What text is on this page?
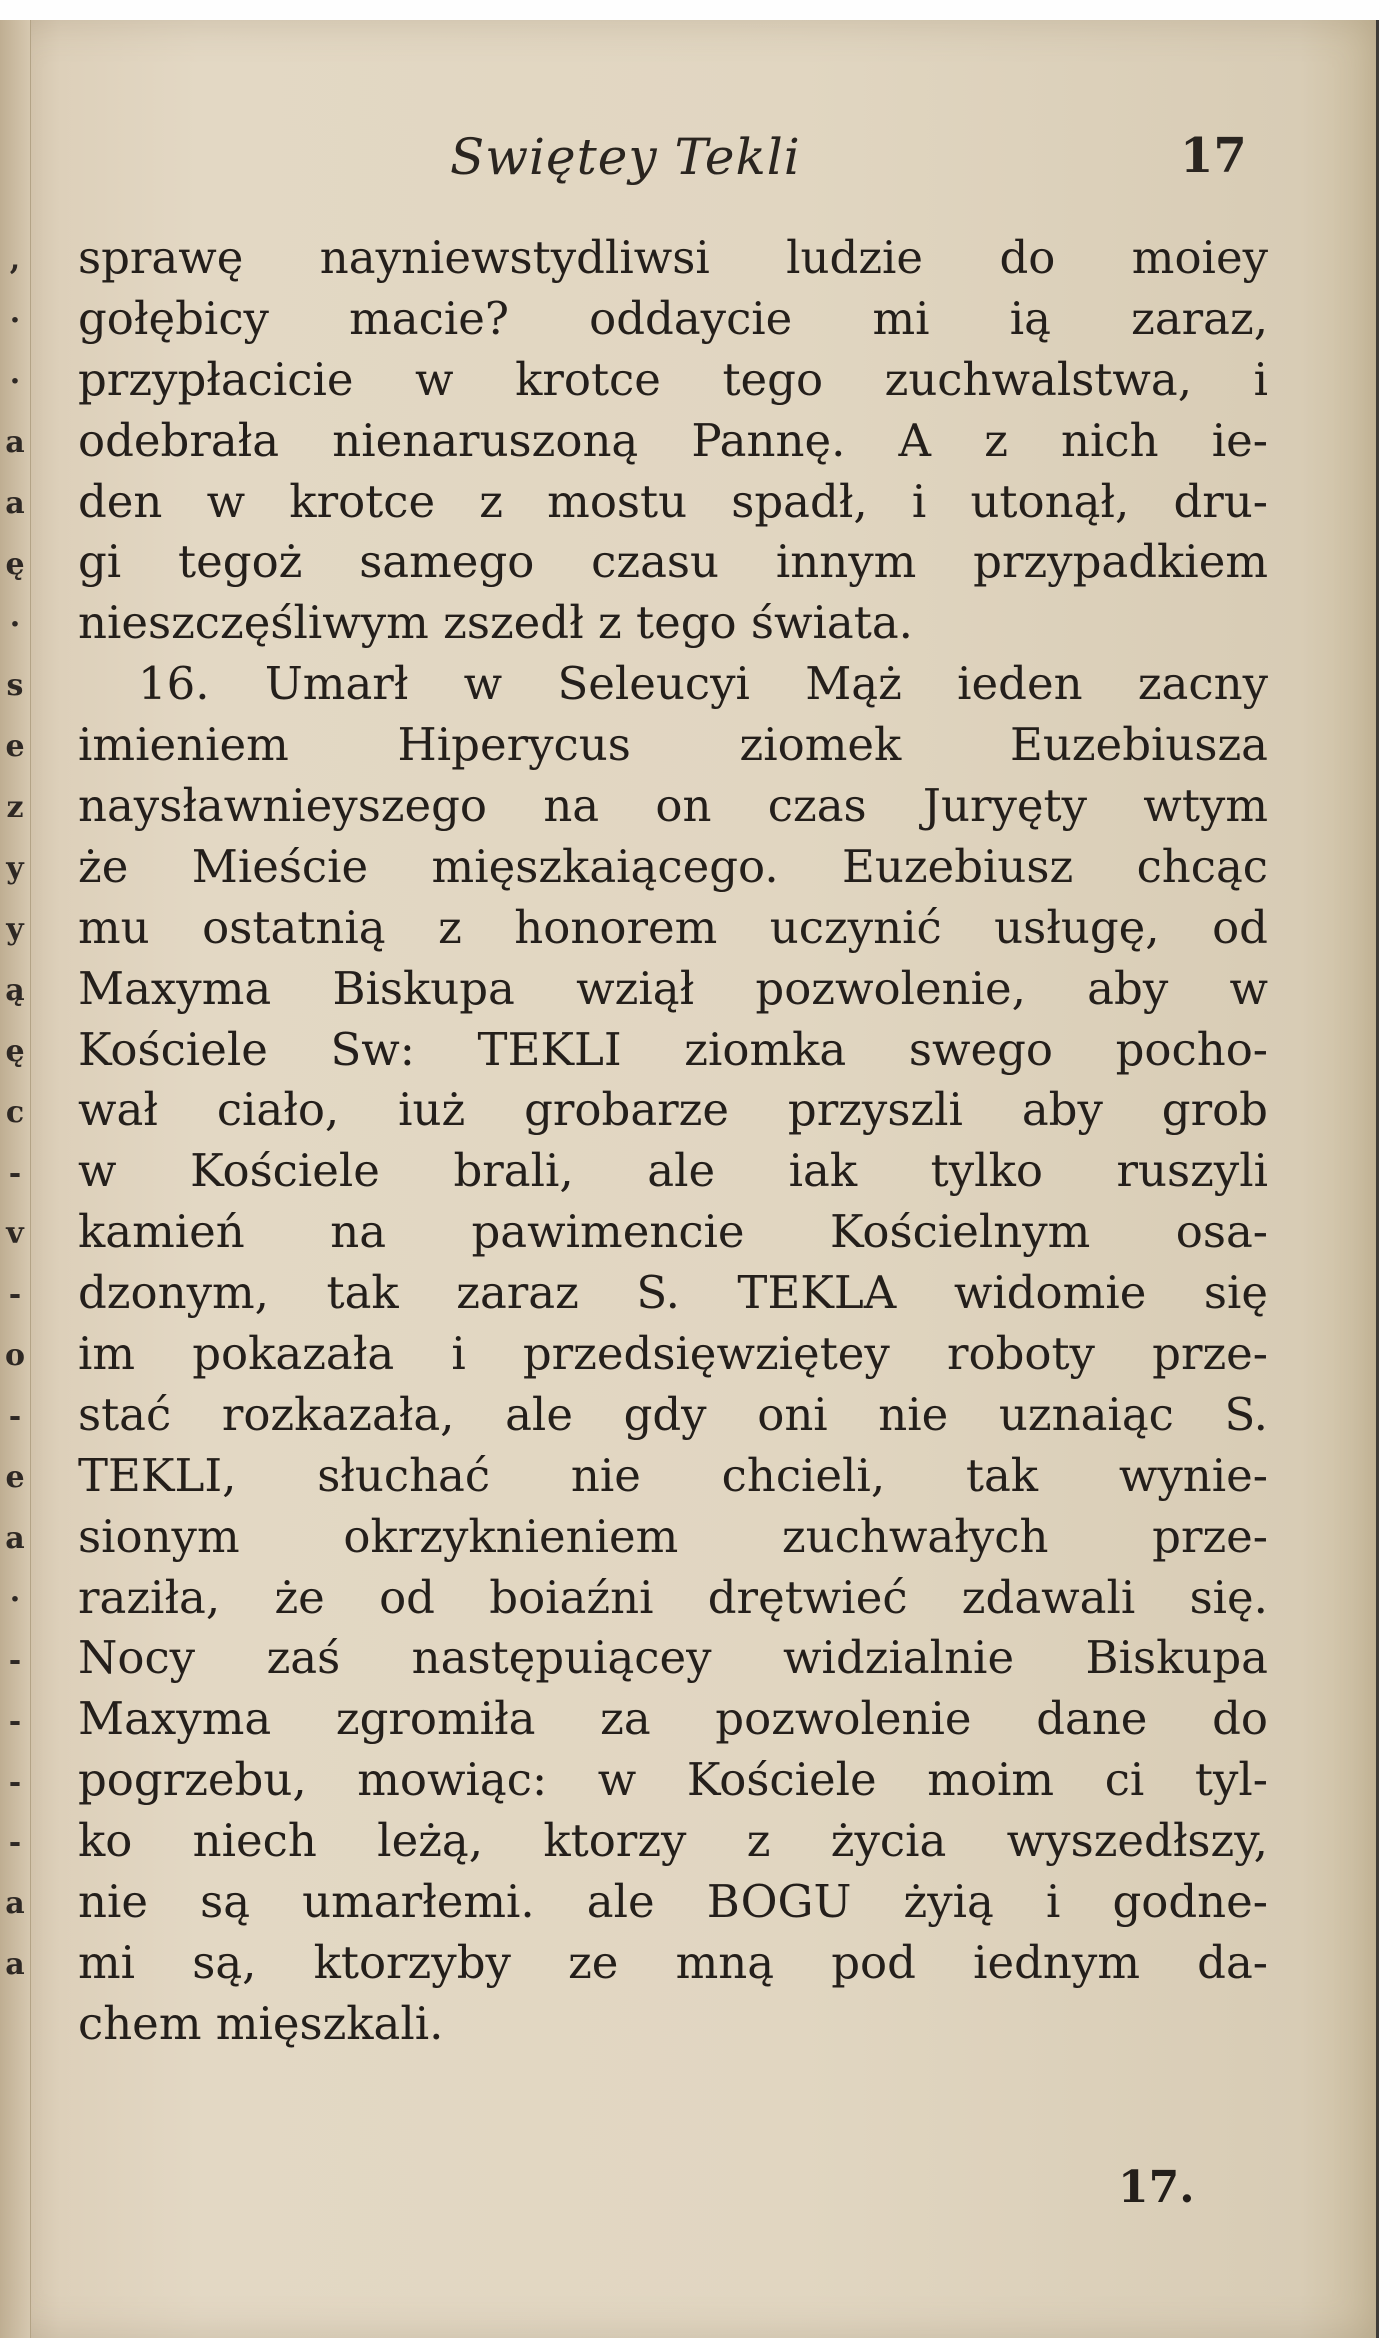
,
·
·
a
a
ę
·
s
e
z
y
y
ą
ę
c
-
v
-
o
-
e
a
·
-
-
-
-
a
a
Swiętey Tekli	17
sprawę nayniewstydliwsi ludzie do moiey
gołębicy macie? oddaycie mi ią zaraz,
przypłacicie w krotce tego zuchwalstwa, i
odebrała nienaruszoną Pannę. A z nich ie-
den w krotce z mostu spadł, i utonął, dru-
gi tegoż samego czasu innym przypadkiem
nieszczęśliwym zszedł z tego świata.
16. Umarł w Seleucyi Mąż ieden zacny
imieniem Hiperycus ziomek Euzebiusza
naysławnieyszego na on czas Juryęty wtym
że Mieście mięszkaiącego. Euzebiusz chcąc
mu ostatnią z honorem uczynić usługę, od
Maxyma Biskupa wziął pozwolenie, aby w
Kościele Sw: TEKLI ziomka swego pocho-
wał ciało, iuż grobarze przyszli aby grob
w Kościele brali, ale iak tylko ruszyli
kamień na pawimencie Kościelnym osa-
dzonym, tak zaraz S. TEKLA widomie się
im pokazała i przedsięwziętey roboty prze-
stać rozkazała, ale gdy oni nie uznaiąc S.
TEKLI, słuchać nie chcieli, tak wynie-
sionym okrzyknieniem zuchwałych prze-
raziła, że od boiaźni drętwieć zdawali się.
Nocy zaś następuiącey widzialnie Biskupa
Maxyma zgromiła za pozwolenie dane do
pogrzebu, mowiąc: w Kościele moim ci tyl-
ko niech leżą, ktorzy z życia wyszedłszy,
nie są umarłemi. ale BOGU żyią i godne-
mi są, ktorzyby ze mną pod iednym da-
chem mięszkali.
17.
